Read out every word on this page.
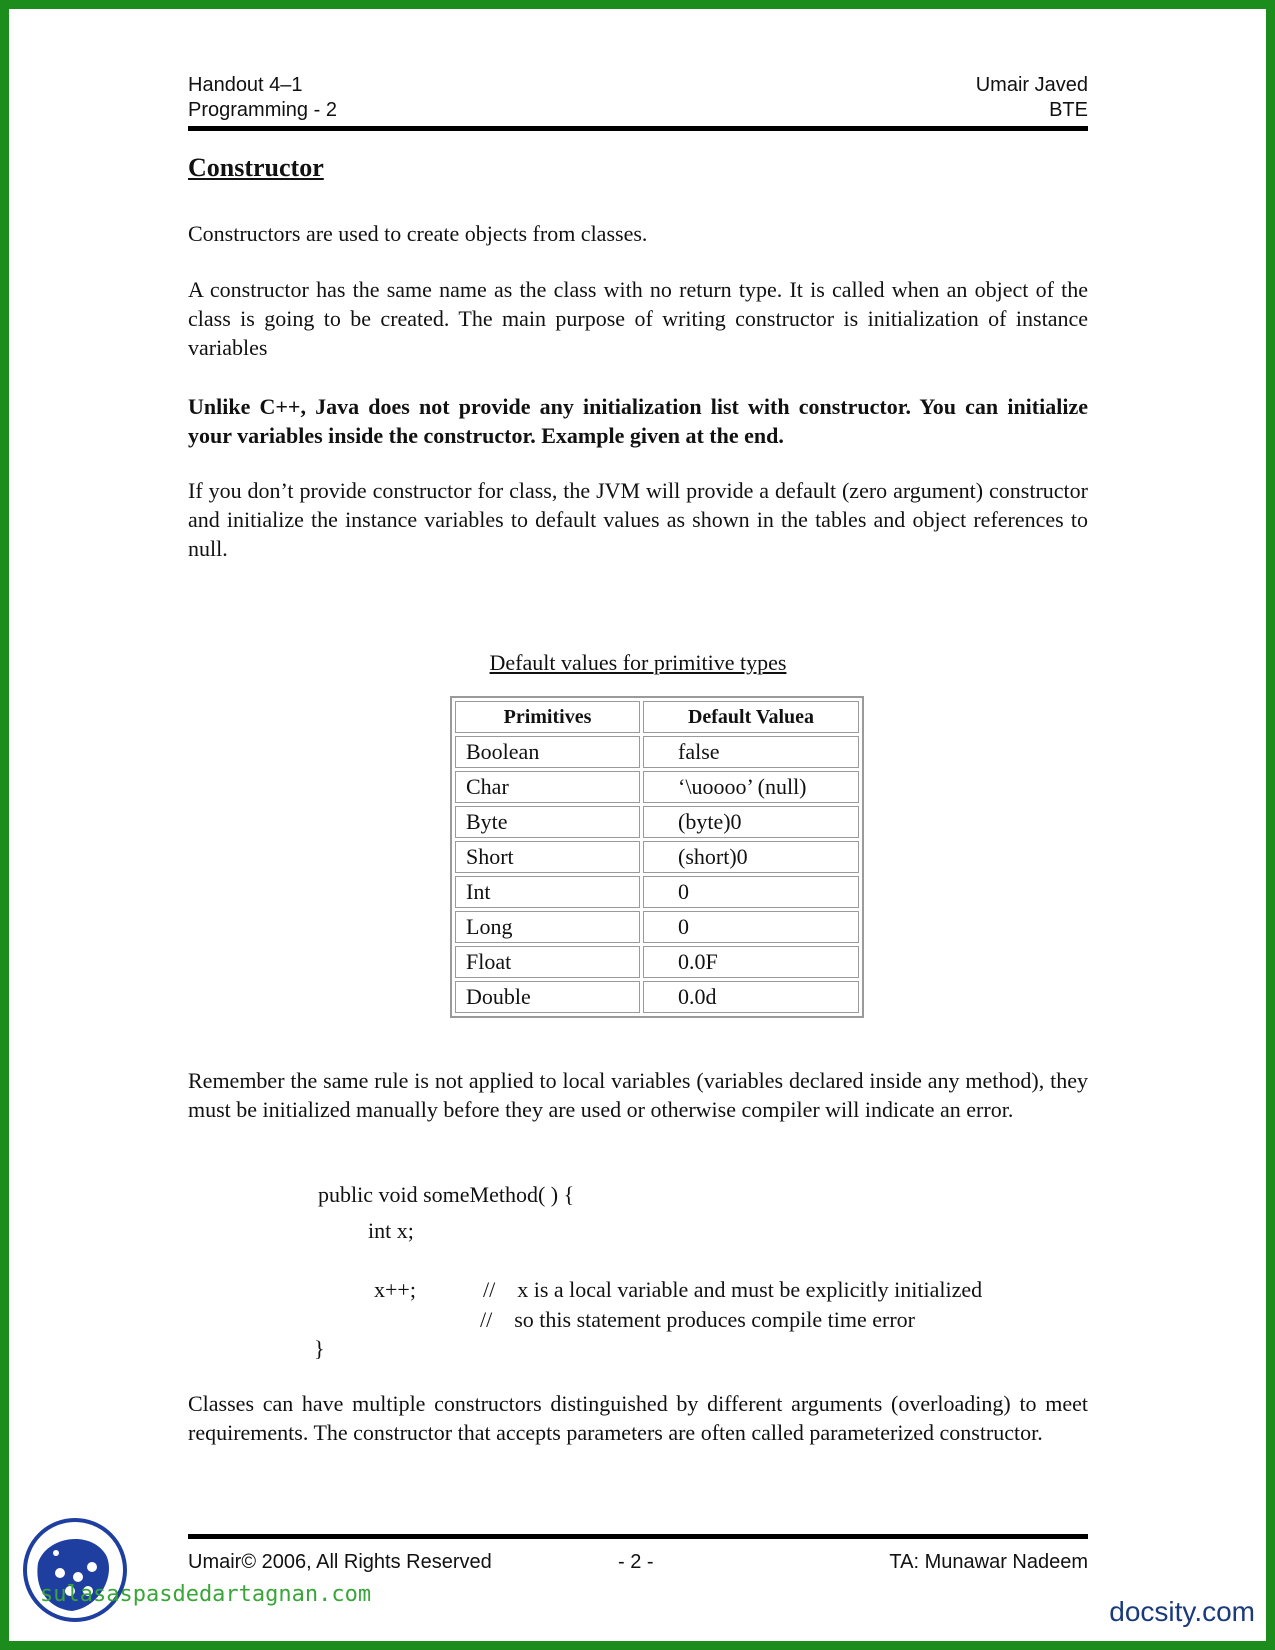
Handout 4–1
Programming - 2
Umair Javed
BTE
Constructor
Constructors are used to create objects from classes.
A constructor has the same name as the class with no return type. It is called when an object of the class is going to be created. The main purpose of writing constructor is initialization of instance variables
Unlike C++, Java does not provide any initialization list with constructor. You can initialize your variables inside the constructor. Example given at the end.
If you don’t provide constructor for class, the JVM will provide a default (zero argument) constructor and initialize the instance variables to default values as shown in the tables and object references to null.
Default values for primitive types
Primitives	Default Valuea
Boolean	false
Char	‘\uoooo’ (null)
Byte	(byte)0
Short	(short)0
Int	0
Long	0
Float	0.0F
Double	0.0d
Remember the same rule is not applied to local variables (variables declared inside any method), they must be initialized manually before they are used or otherwise compiler will indicate an error.
public void someMethod( ) {
int x;
x++;	//    x is a local variable and must be explicitly initialized
//    so this statement produces compile time error
}
Classes can have multiple constructors distinguished by different arguments (overloading) to meet requirements. The constructor that accepts parameters are often called parameterized constructor.
Umair© 2006, All Rights Reserved	- 2 -	TA: Munawar Nadeem
sulasaspasdedartagnan.com
docsity.com
